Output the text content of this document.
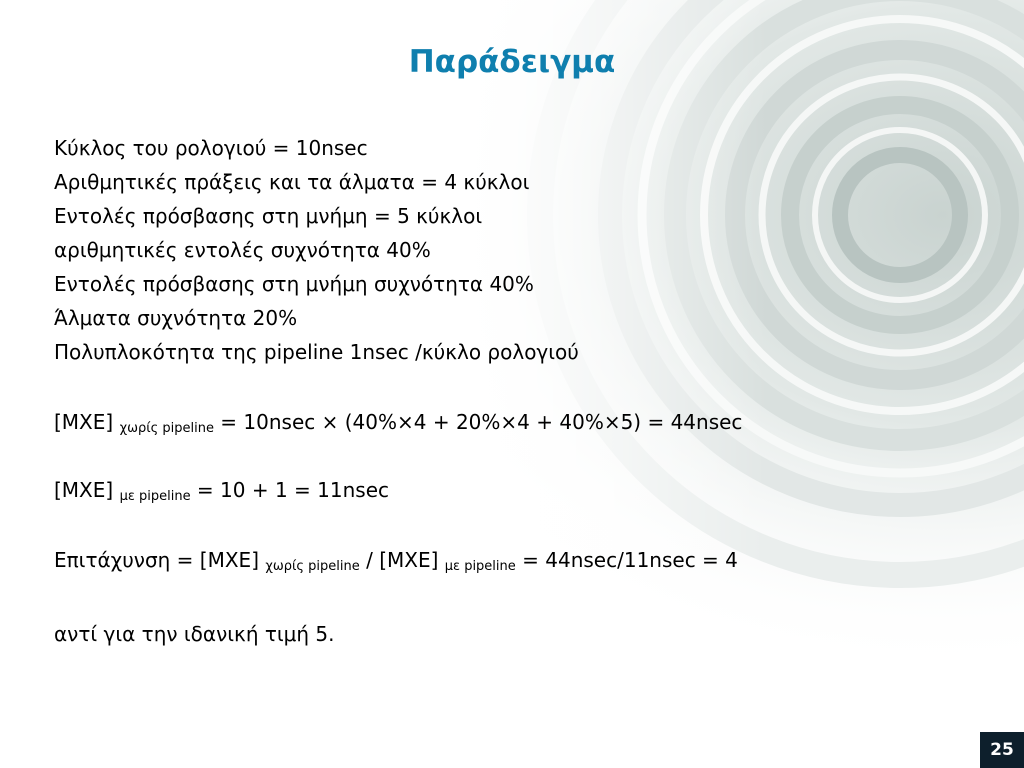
Παράδειγμα
Κύκλος του ρολογιού = 10nsec
Αριθμητικές πράξεις και τα άλματα = 4 κύκλοι
Εντολές πρόσβασης στη μνήμη = 5 κύκλοι
αριθμητικές εντολές συχνότητα 40%
Εντολές πρόσβασης στη μνήμη συχνότητα 40%
Άλματα συχνότητα 20%
Πολυπλοκότητα της pipeline 1nsec /κύκλο ρολογιού
[ΜΧΕ] $_{\chi\omega\rho ί\varsigma pipeline}$ = 10nsec × (40%×4 + 20%×4 + 40%×5) = 44nsec
[ΜΧΕ] $_{\mu\varepsilon pipeline}$ = 10 + 1 = 11nsec
Επιτάχυνση = [ΜΧΕ] $_{\chi\omega\rho ί\varsigma pipeline}$ / [ΜΧΕ] $_{\mu\varepsilon pipeline}$ = 44nsec/11nsec = 4
αντί για την ιδανική τιμή 5.
25
